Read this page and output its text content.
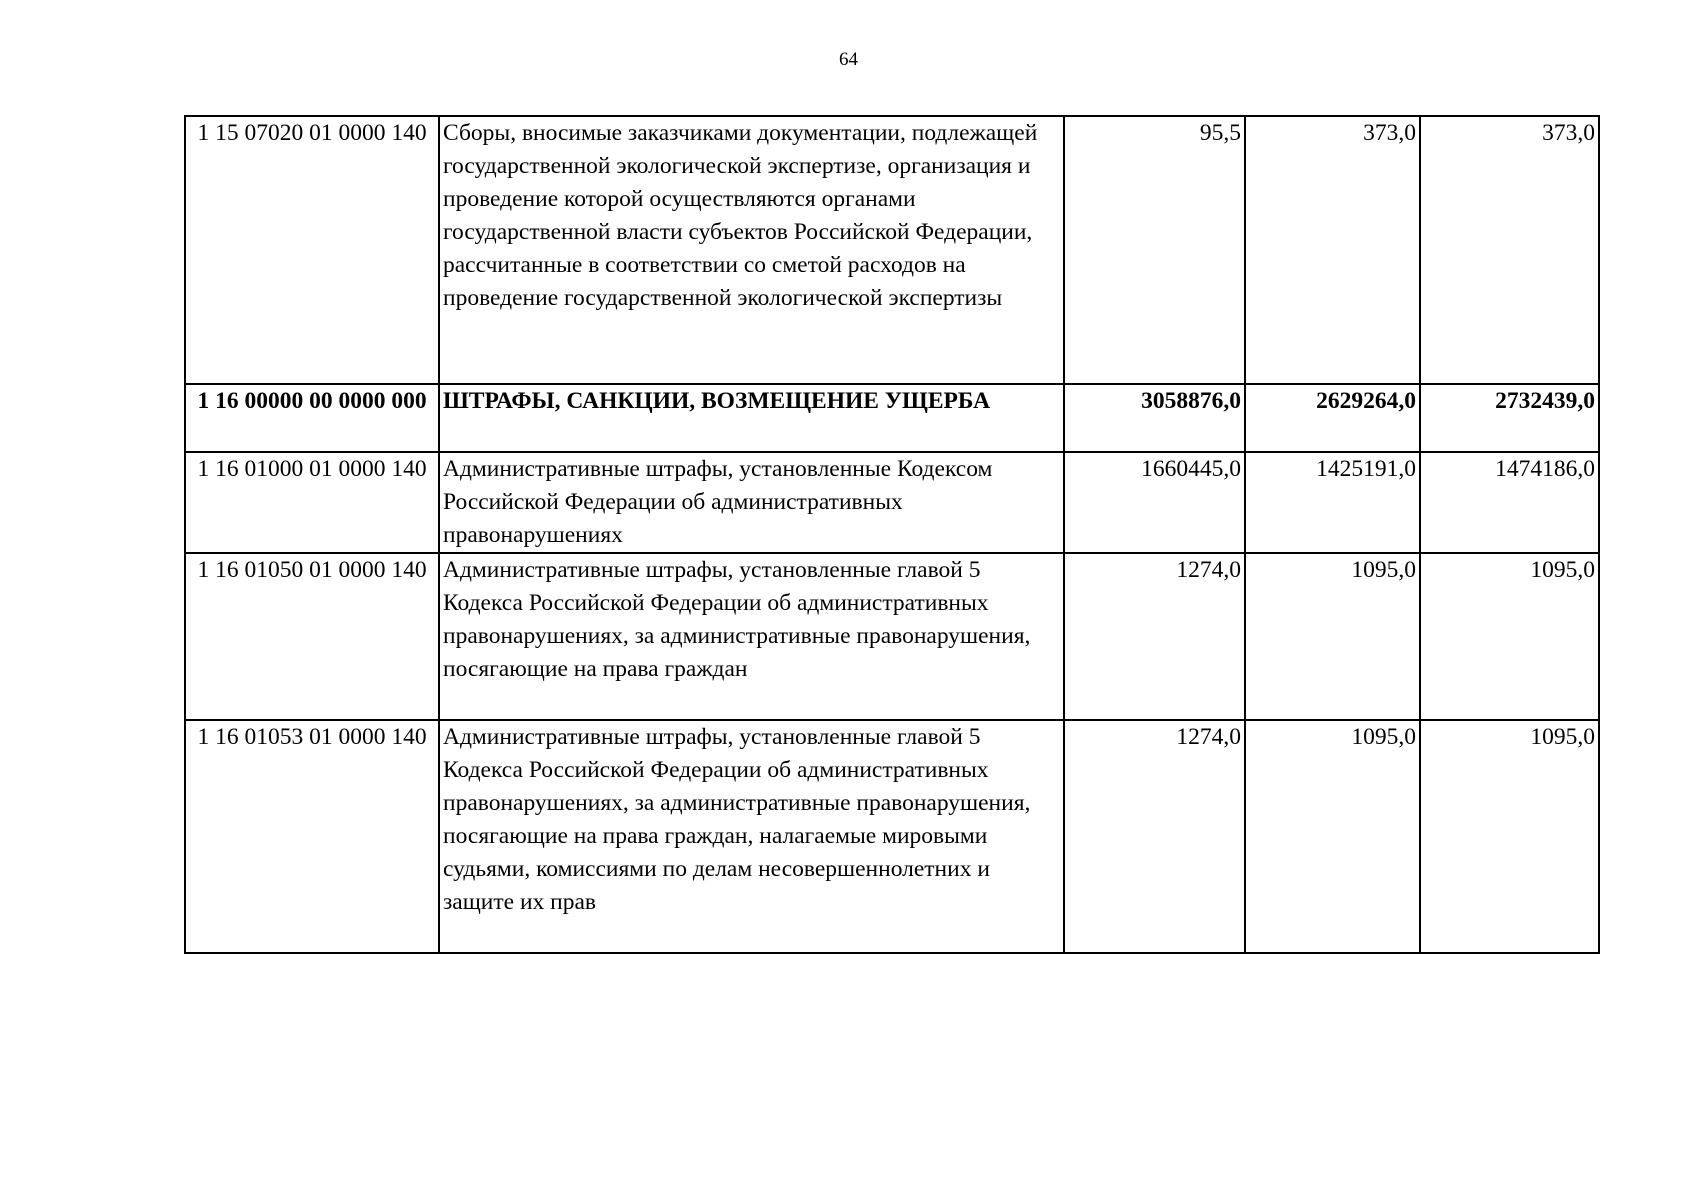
64
1 15 07020 01 0000 140	Сборы, вносимые заказчиками документации, подлежащей государственной экологической экспертизе, организация и проведение которой осуществляются органами государственной власти субъектов Российской Федерации, рассчитанные в соответствии со сметой расходов на проведение государственной экологической экспертизы	95,5	373,0	373,0
1 16 00000 00 0000 000	ШТРАФЫ, САНКЦИИ, ВОЗМЕЩЕНИЕ УЩЕРБА	3058876,0	2629264,0	2732439,0
1 16 01000 01 0000 140	Административные штрафы, установленные Кодексом Российской Федерации об административных правонарушениях	1660445,0	1425191,0	1474186,0
1 16 01050 01 0000 140	Административные штрафы, установленные главой 5 Кодекса Российской Федерации об административных правонарушениях, за административные правонарушения, посягающие на права граждан	1274,0	1095,0	1095,0
1 16 01053 01 0000 140	Административные штрафы, установленные главой 5 Кодекса Российской Федерации об административных правонарушениях, за административные правонарушения, посягающие на права граждан, налагаемые мировыми судьями, комиссиями по делам несовершеннолетних и защите их прав	1274,0	1095,0	1095,0
